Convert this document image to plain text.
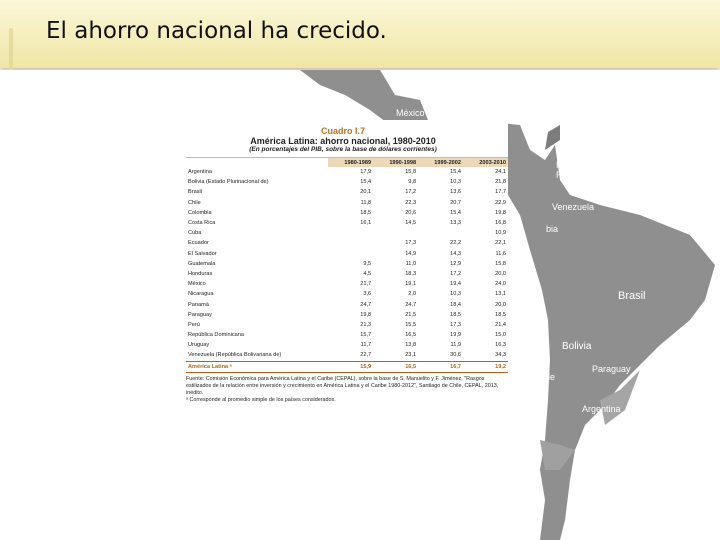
El ahorro nacional ha crecido.
México
República Dominicana
Puerto Rico
Venezuela
bia
Brasil
Bolivia
Paraguay
le
Argentina
Uruguay
Cuadro I.7
América Latina: ahorro nacional, 1980-2010
(En porcentajes del PIB, sobre la base de dólares corrientes)
	1980-1989	1990-1998	1999-2002	2003-2010
Argentina	17,9	15,8	15,4	24,1
Bolivia (Estado Plurinacional de)	15,4	9,8	10,3	21,8
Brasil	20,1	17,2	13,6	17,7
Chile	11,8	22,3	20,7	22,9
Colombia	18,5	20,6	15,4	19,8
Costa Rica	16,1	14,5	13,3	16,8
Cuba				10,9
Ecuador		17,3	22,2	22,1
El Salvador		14,9	14,3	11,6
Guatemala	9,5	11,0	12,9	15,8
Honduras	4,5	18,3	17,2	20,0
México	21,7	19,1	19,4	24,0
Nicaragua	3,6	2,0	10,3	13,1
Panamá	24,7	24,7	18,4	20,0
Paraguay	19,8	21,5	18,5	18,5
Perú	21,3	15,5	17,3	21,4
República Dominicana	15,7	16,5	19,9	15,0
Uruguay	11,7	13,8	11,9	16,3
Venezuela (República Bolivariana de)	22,7	23,1	30,6	34,3
América Latina ᵃ	15,9	16,5	16,7	19,2
Fuente: Comisión Económica para América Latina y el Caribe (CEPAL), sobre la base de S. Manuelito y F. Jiménez, "Rasgos estilizados de la relación entre inversión y crecimiento en América Latina y el Caribe 1980-2012", Santiago de Chile, CEPAL, 2013, inédito.
ᵃ Corresponde al promedio simple de los países considerados.
